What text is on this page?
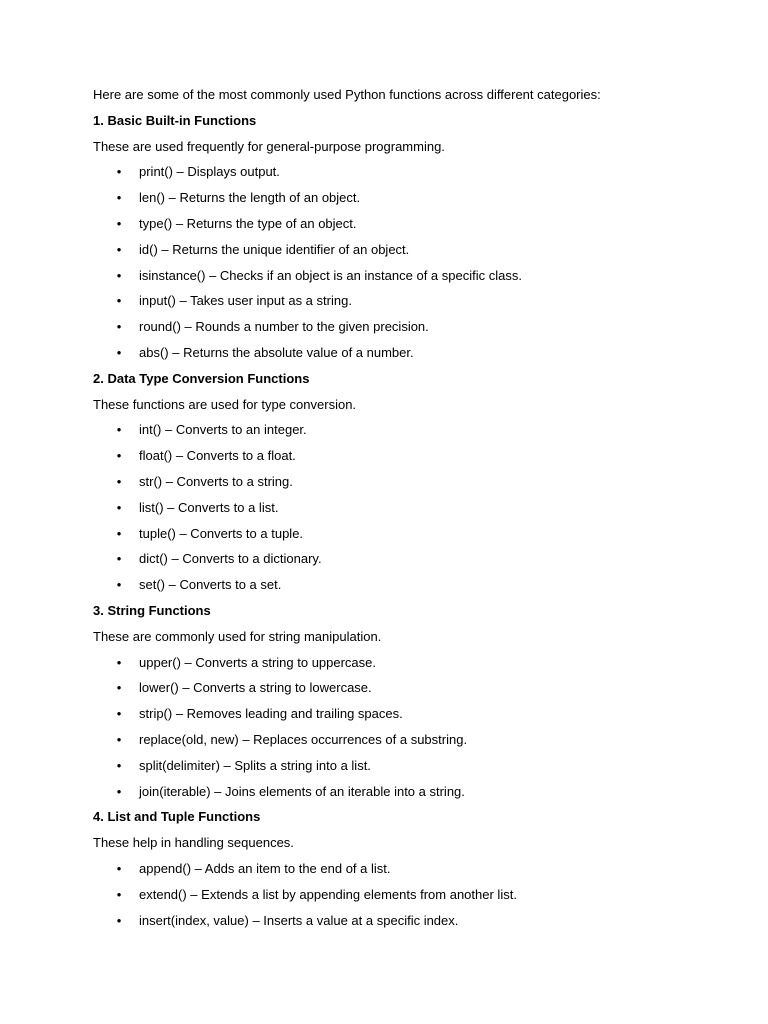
Here are some of the most commonly used Python functions across different categories:
1. Basic Built-in Functions
These are used frequently for general-purpose programming.
• print() – Displays output.
• len() – Returns the length of an object.
• type() – Returns the type of an object.
• id() – Returns the unique identifier of an object.
• isinstance() – Checks if an object is an instance of a specific class.
• input() – Takes user input as a string.
• round() – Rounds a number to the given precision.
• abs() – Returns the absolute value of a number.
2. Data Type Conversion Functions
These functions are used for type conversion.
• int() – Converts to an integer.
• float() – Converts to a float.
• str() – Converts to a string.
• list() – Converts to a list.
• tuple() – Converts to a tuple.
• dict() – Converts to a dictionary.
• set() – Converts to a set.
3. String Functions
These are commonly used for string manipulation.
• upper() – Converts a string to uppercase.
• lower() – Converts a string to lowercase.
• strip() – Removes leading and trailing spaces.
• replace(old, new) – Replaces occurrences of a substring.
• split(delimiter) – Splits a string into a list.
• join(iterable) – Joins elements of an iterable into a string.
4. List and Tuple Functions
These help in handling sequences.
• append() – Adds an item to the end of a list.
• extend() – Extends a list by appending elements from another list.
• insert(index, value) – Inserts a value at a specific index.
